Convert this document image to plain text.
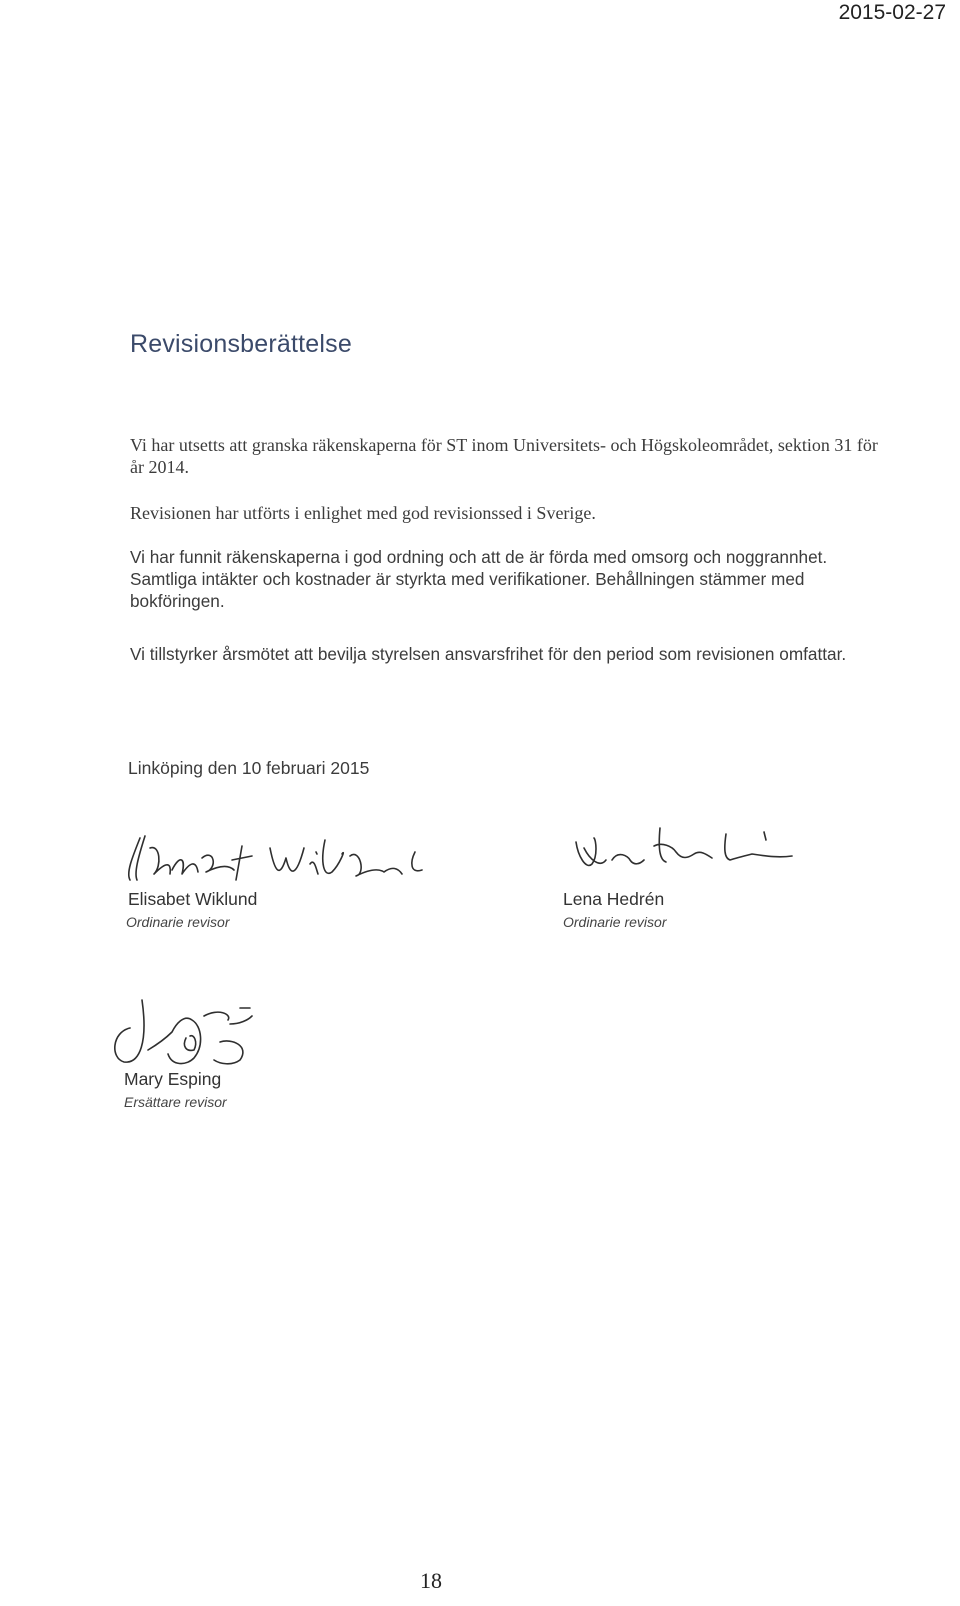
2015-02-27
Revisionsberättelse
Vi har utsetts att granska räkenskaperna för ST inom Universitets- och Högskoleområdet, sektion 31 för år 2014.
Revisionen har utförts i enlighet med god revisionssed i Sverige.
Vi har funnit räkenskaperna i god ordning och att de är förda med omsorg och noggrannhet. Samtliga intäkter och kostnader är styrkta med verifikationer. Behållningen stämmer med bokföringen.
Vi tillstyrker årsmötet att bevilja styrelsen ansvarsfrihet för den period som revisionen omfattar.
Linköping den 10 februari 2015
Elisabet Wiklund
Ordinarie revisor
Lena Hedrén
Ordinarie revisor
Mary Esping
Ersättare revisor
18
